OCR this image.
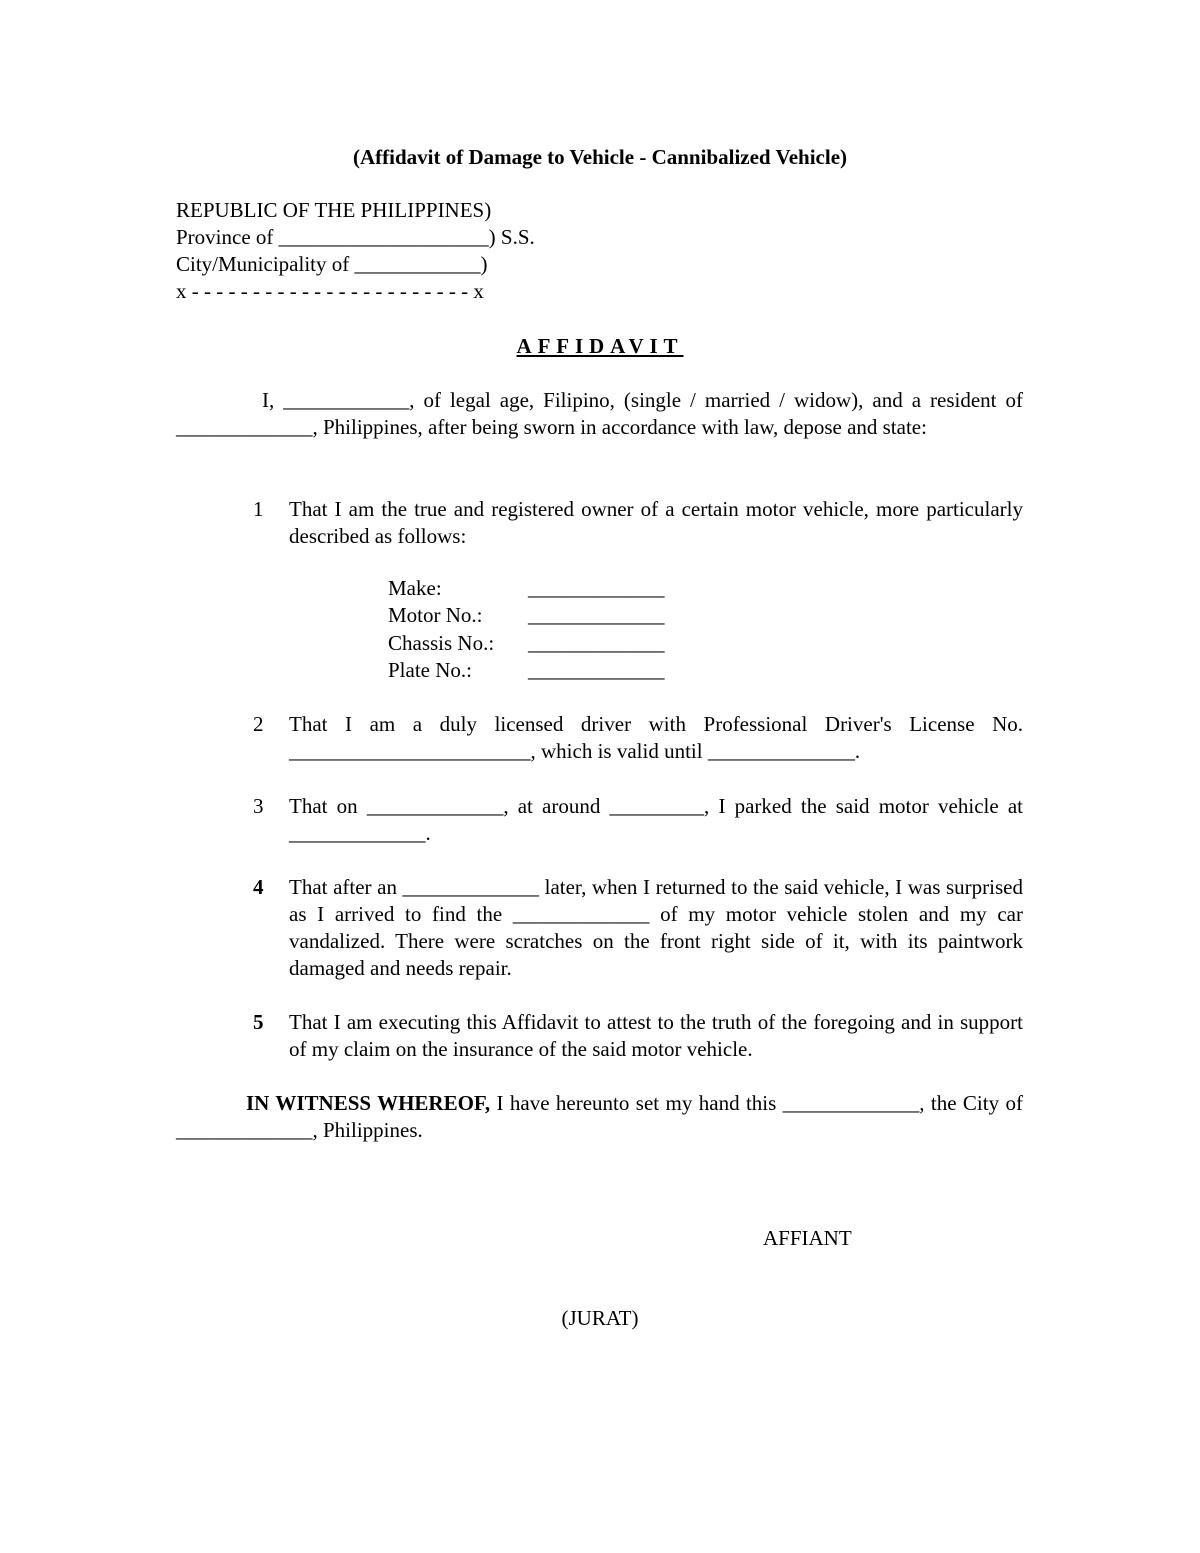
(Affidavit of Damage to Vehicle - Cannibalized Vehicle)
REPUBLIC OF THE PHILIPPINES)
Province of ____________________) S.S.
City/Municipality of ____________)
x - - - - - - - - - - - - - - - - - - - - - - - x
AFFIDAVIT
I, ____________, of legal age, Filipino, (single / married / widow), and a resident of _____________, Philippines, after being sworn in accordance with law, depose and state:
1	That I am the true and registered owner of a certain motor vehicle, more particularly described as follows:
Make:	_____________
Motor No.: _____________
Chassis No.: _____________
Plate No.:	_____________
2	That I am a duly licensed driver with Professional Driver's License No. _______________________, which is valid until ______________.
3	That on _____________, at around _________, I parked the said motor vehicle at _____________.
4	That after an _____________ later, when I returned to the said vehicle, I was surprised as I arrived to find the _____________ of my motor vehicle stolen and my car vandalized. There were scratches on the front right side of it, with its paintwork damaged and needs repair.
5	That I am executing this Affidavit to attest to the truth of the foregoing and in support of my claim on the insurance of the said motor vehicle.
IN WITNESS WHEREOF, I have hereunto set my hand this _____________, the City of _____________, Philippines.
AFFIANT
(JURAT)
